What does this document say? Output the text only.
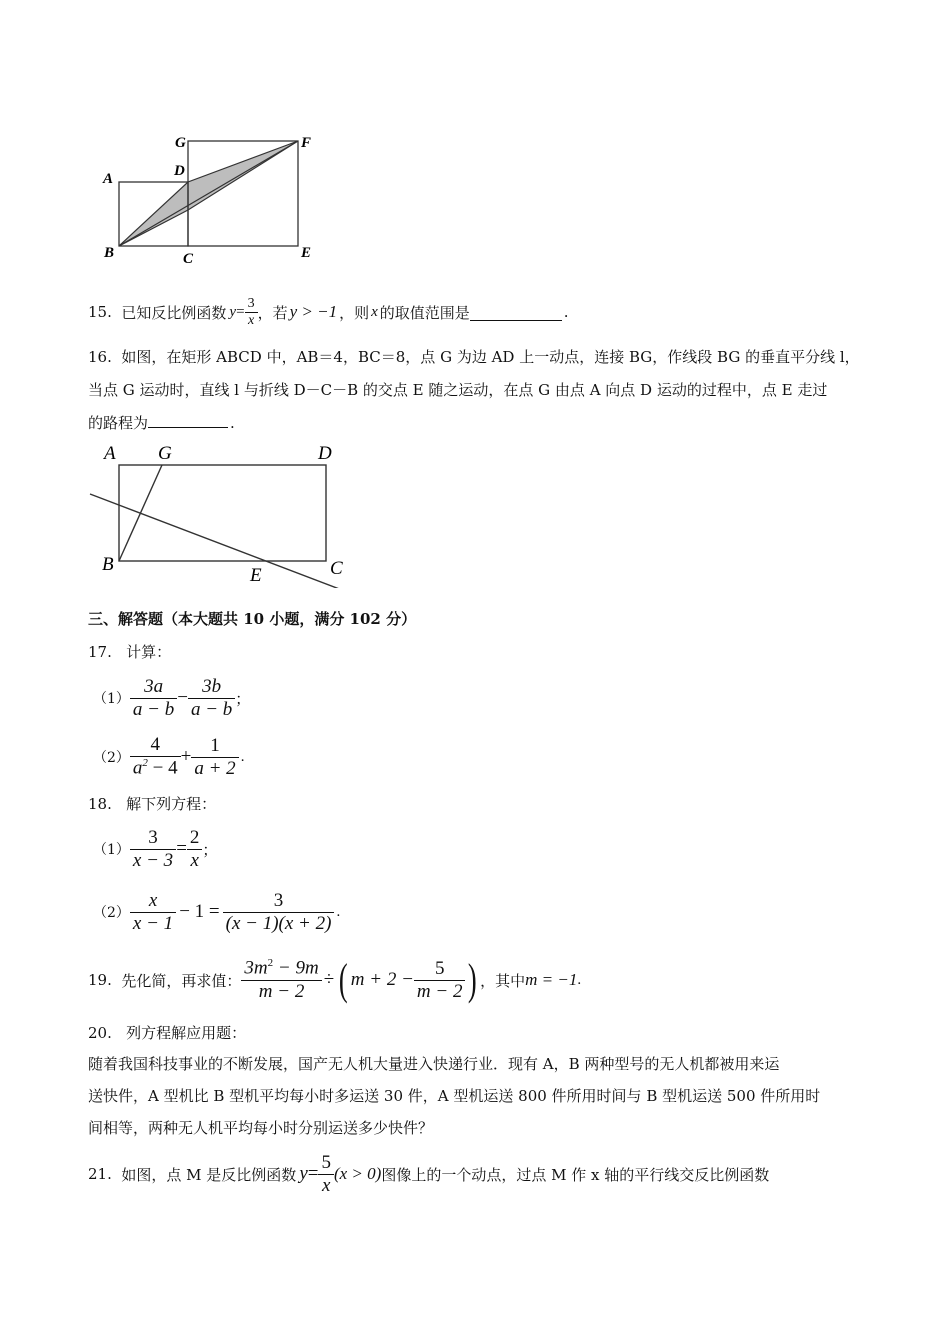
A
B	C
D
E
F
G
15.
已知反比例函数 $y = \frac{3}{x}$ ，若 y > −1 ，则 x 的取值范围是	.
16. 如图，在矩形 ABCD 中，AB＝4，BC＝8，点 G 为边 AD 上一动点，连接 BG，作线段 BG 的垂直平分线 l，
当点 G 运动时，直线 l 与折线 D－C－B 的交点 E 随之运动，在点 G 由点 A 向点 D 运动的过程中，点 E 走过
的路程为	.
A G	D
B
E	C
三、解答题（本大题共 10 小题，满分 102 分）
17. 计算：
$(1) \frac{3a}{a - b} - \frac{3b}{a - b}$ ；
$(2) \frac{4}{a^2 - 4} + \frac{1}{a + 2}$ .
18. 解下列方程：
$(1) \frac{3}{x - 3} = \frac{2}{x}$ ；
$(2) \frac{x}{x - 1} - 1 = \frac{3}{(x - 1)(x + 2)}$ .
19.
先化简，再求值： $\frac{3m^2 - 9m}{m - 2}$ ÷ ( $m + 2 - \frac{5}{m - 2}$ ) ，其中 m = −1 .
20. 列方程解应用题：
随着我国科技事业的不断发展，国产无人机大量进入快递行业．现有 A，B 两种型号的无人机都被用来运
送快件，A 型机比 B 型机平均每小时多运送 30 件，A 型机运送 800 件所用时间与 B 型机运送 500 件所用时
间相等，两种无人机平均每小时分别运送多少快件？
21.
如图，点 M 是反比例函数 $y = \frac{5}{x} (x > 0)$ 图像上的一个动点，过点 M 作 x 轴的平行线交反比例函数
